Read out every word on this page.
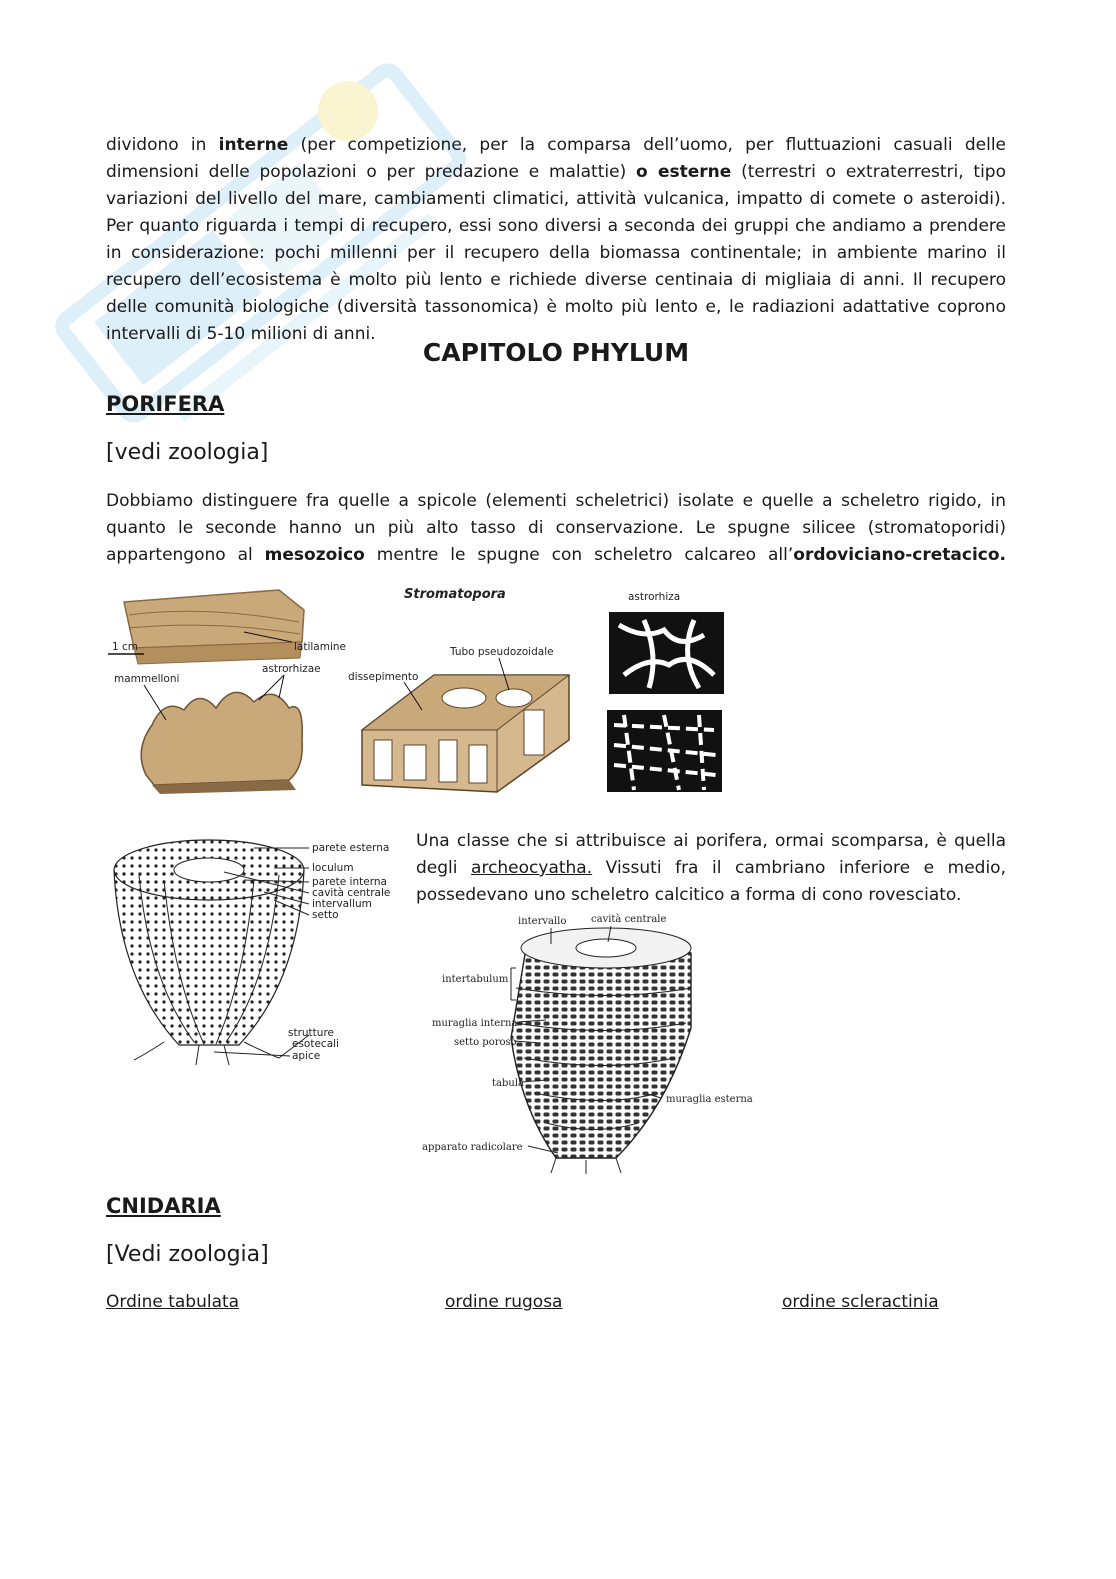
dividono in interne (per competizione, per la comparsa dell’uomo, per fluttuazioni casuali delle dimensioni delle popolazioni o per predazione e malattie) o esterne (terrestri o extraterrestri, tipo variazioni del livello del mare, cambiamenti climatici, attività vulcanica, impatto di comete o asteroidi). Per quanto riguarda i tempi di recupero, essi sono diversi a seconda dei gruppi che andiamo a prendere in considerazione: pochi millenni per il recupero della biomassa continentale; in ambiente marino il recupero dell’ecosistema è molto più lento e richiede diverse centinaia di migliaia di anni. Il recupero delle comunità biologiche (diversità tassonomica) è molto più lento e, le radiazioni adattative coprono intervalli di 5-10 milioni di anni.

CAPITOLO PHYLUM
PORIFERA
[vedi zoologia]

Dobbiamo distinguere fra quelle a spicole (elementi scheletrici) isolate e quelle a scheletro rigido, in quanto le seconde hanno un più alto tasso di conservazione. Le spugne silicee (stromatoporidi) appartengono al mesozoico mentre le spugne con scheletro calcareo all’ordoviciano-cretacico.

1 cm	latilamine
mammelloni
astrorhizae
Stromatopora
dissepimento
Tubo pseudozoidale
astrorhiza
parete esterna
loculum
parete interna
cavità centrale
intervallum
setto
strutture
esotecali
apice

Una classe che si attribuisce ai porifera, ormai scomparsa, è quella degli archeocyatha. Vissuti fra il cambriano inferiore e medio, possedevano uno scheletro calcitico a forma di cono rovesciato.

intervallo cavità centrale
intertabulum
muraglia interna
setto poroso
tabula
muraglia esterna
apparato radicolare
CNIDARIA
[Vedi zoologia]
Ordine tabulata	ordine rugosa	ordine scleractinia
